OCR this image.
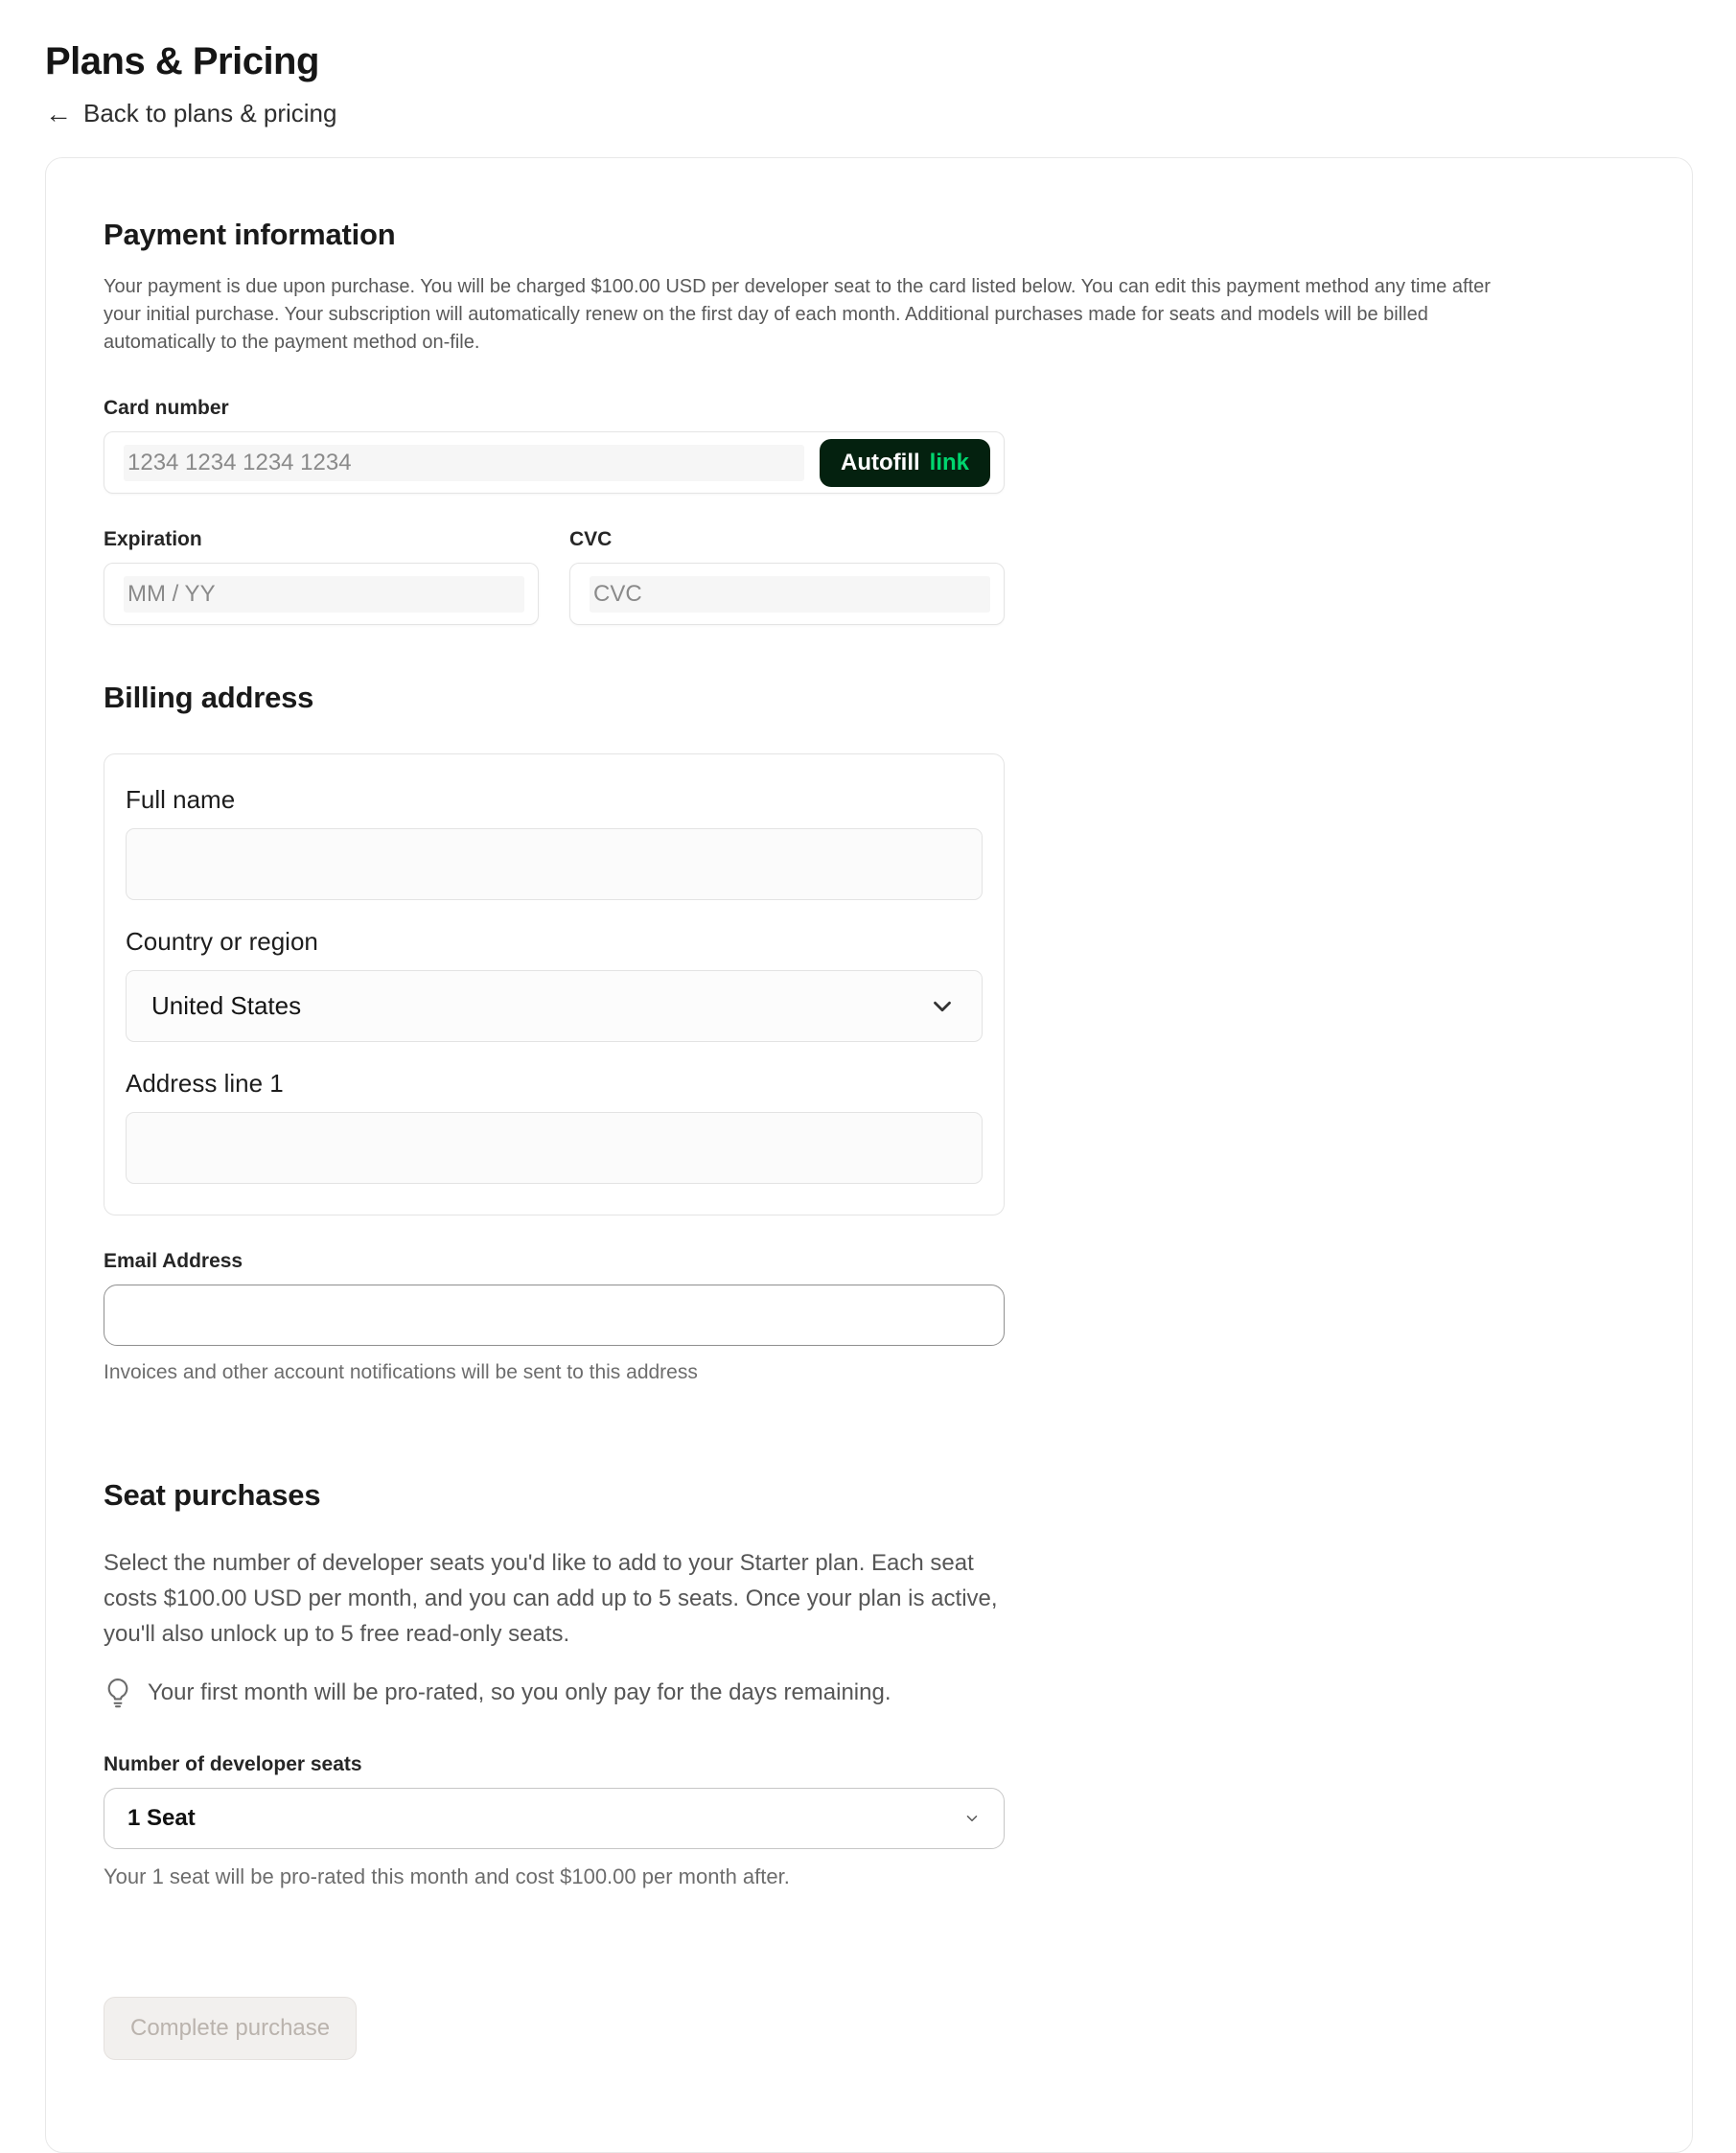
Plans & Pricing
← Back to plans & pricing
Payment information

Your payment is due upon purchase. You will be charged $100.00 USD per developer seat to the card listed below. You can edit this payment method any time after your initial purchase. Your subscription will automatically renew on the first day of each month. Additional purchases made for seats and models will be billed automatically to the payment method on-file.

Card number
1234 1234 1234 1234
Autofill link
Expiration
MM / YY	CVC
CVC
Billing address
Full name
Country or region
United States
Address line 1
Email Address

Invoices and other account notifications will be sent to this address

Seat purchases

Select the number of developer seats you'd like to add to your Starter plan. Each seat costs $100.00 USD per month, and you can add up to 5 seats. Once your plan is active, you'll also unlock up to 5 free read-only seats.

Your first month will be pro-rated, so you only pay for the days remaining.
Number of developer seats
1 Seat

Your 1 seat will be pro-rated this month and cost $100.00 per month after.

Complete purchase
